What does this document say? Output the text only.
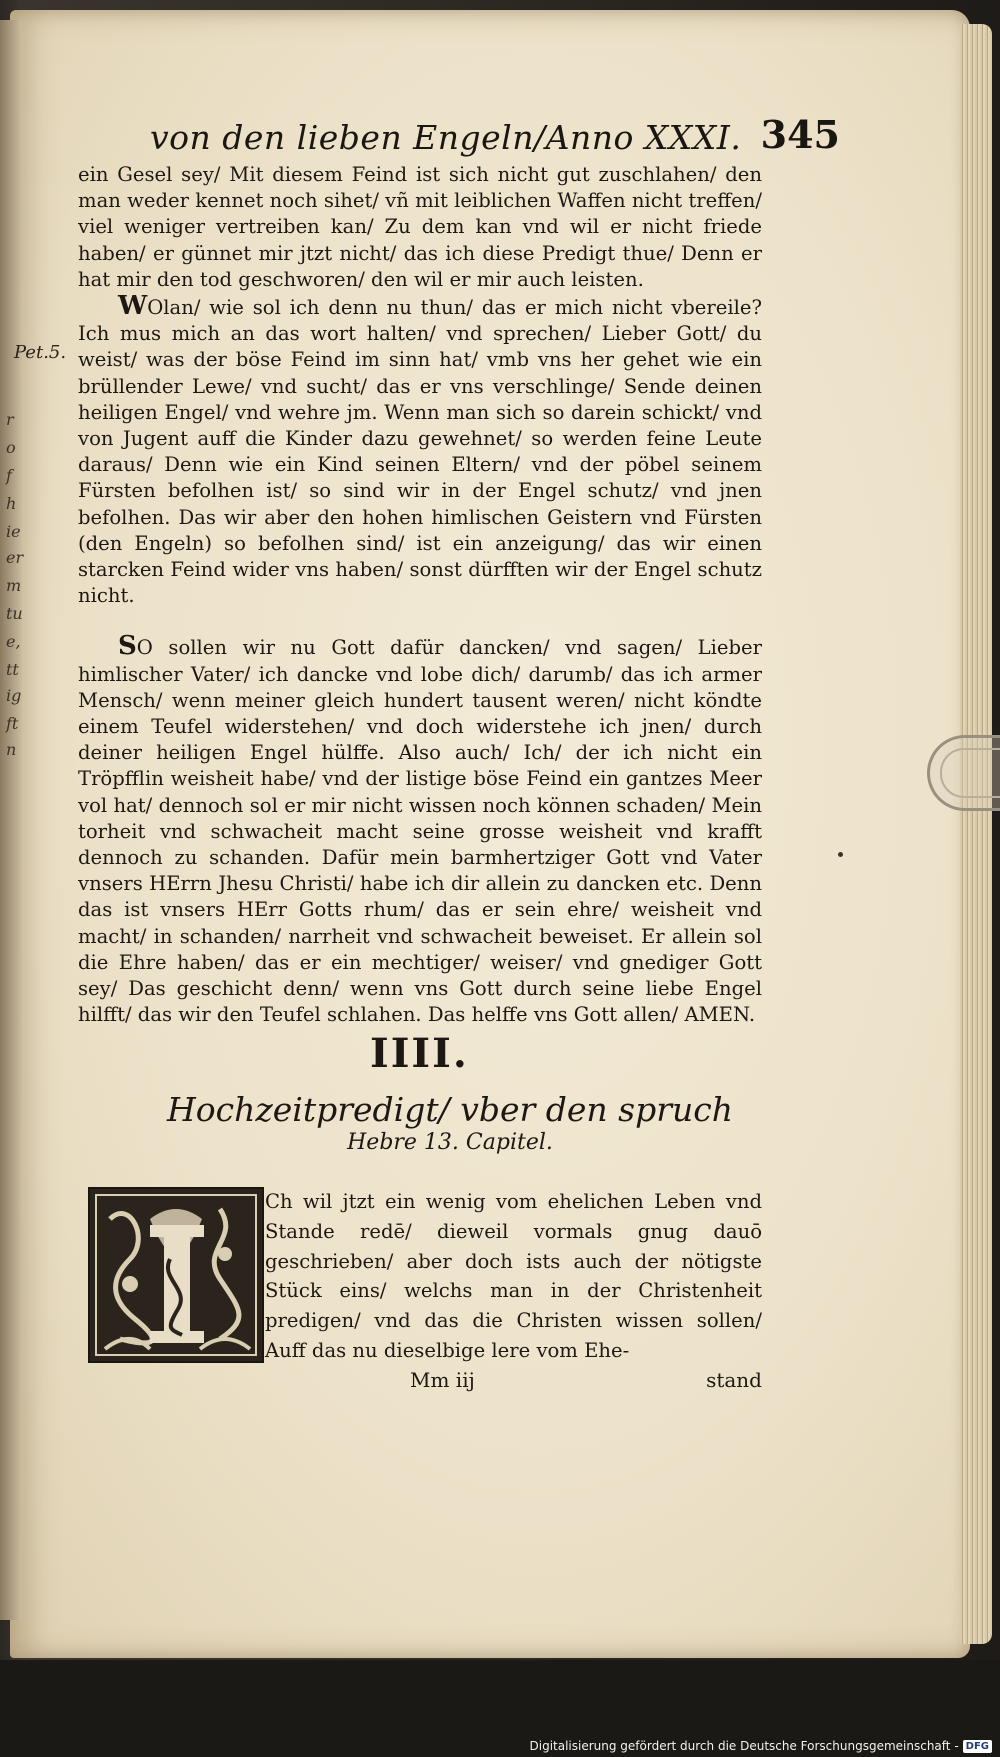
von den lieben Engeln/Anno XXXI. 345
Pet.5.
r
o
f
h
ie
er
m
tu
e,
tt
ig
ft
n

ein Gesel sey/ Mit diesem Feind ist sich nicht gut zuschlahen/ den man weder kennet noch sihet/ vñ mit leiblichen Waffen nicht treffen/ viel weniger vertreiben kan/ Zu dem kan vnd wil er nicht friede haben/ er günnet mir jtzt nicht/ das ich diese Predigt thue/ Denn er hat mir den tod geschworen/ den wil er mir auch leisten.

WOlan/ wie sol ich denn nu thun/ das er mich nicht vbereile? Ich mus mich an das wort halten/ vnd sprechen/ Lieber Gott/ du weist/ was der böse Feind im sinn hat/ vmb vns her gehet wie ein brüllender Lewe/ vnd sucht/ das er vns verschlinge/ Sende deinen heiligen Engel/ vnd wehre jm. Wenn man sich so darein schickt/ vnd von Jugent auff die Kinder dazu gewehnet/ so werden feine Leute daraus/ Denn wie ein Kind seinen Eltern/ vnd der pöbel seinem Fürsten befolhen ist/ so sind wir in der Engel schutz/ vnd jnen befolhen. Das wir aber den hohen himlischen Geistern vnd Fürsten (den Engeln) so befolhen sind/ ist ein anzeigung/ das wir einen starcken Feind wider vns haben/ sonst dürfften wir der Engel schutz nicht.

SO sollen wir nu Gott dafür dancken/ vnd sagen/ Lieber himlischer Vater/ ich dancke vnd lobe dich/ darumb/ das ich armer Mensch/ wenn meiner gleich hundert tausent weren/ nicht köndte einem Teufel widerstehen/ vnd doch widerstehe ich jnen/ durch deiner heiligen Engel hülffe. Also auch/ Ich/ der ich nicht ein Tröpfflin weisheit habe/ vnd der listige böse Feind ein gantzes Meer vol hat/ dennoch sol er mir nicht wissen noch können schaden/ Mein torheit vnd schwacheit macht seine grosse weisheit vnd krafft dennoch zu schanden. Dafür mein barmhertziger Gott vnd Vater vnsers HErrn Jhesu Christi/ habe ich dir allein zu dancken etc. Denn das ist vnsers HErr Gotts rhum/ das er sein ehre/ weisheit vnd macht/ in schanden/ narrheit vnd schwacheit beweiset. Er allein sol die Ehre haben/ das er ein mechtiger/ weiser/ vnd gnediger Gott sey/ Das geschicht denn/ wenn vns Gott durch seine liebe Engel hilfft/ das wir den Teufel schlahen. Das helffe vns Gott allen/ AMEN.

IIII.
Hochzeitpredigt/ vber den spruch
Hebre 13. Capitel.
Ch wil jtzt ein wenig vom ehelichen Leben vnd Stande redē/ dieweil vormals gnug dauō geschrieben/ aber doch ists auch der nötigste Stück eins/ welchs man in der Christenheit predigen/ vnd das die Christen wissen sollen/ Auff das nu dieselbige lere vom Ehe-
Mm iij	stand
Digitalisierung gefördert durch die Deutsche Forschungsgemeinschaft - DFG
